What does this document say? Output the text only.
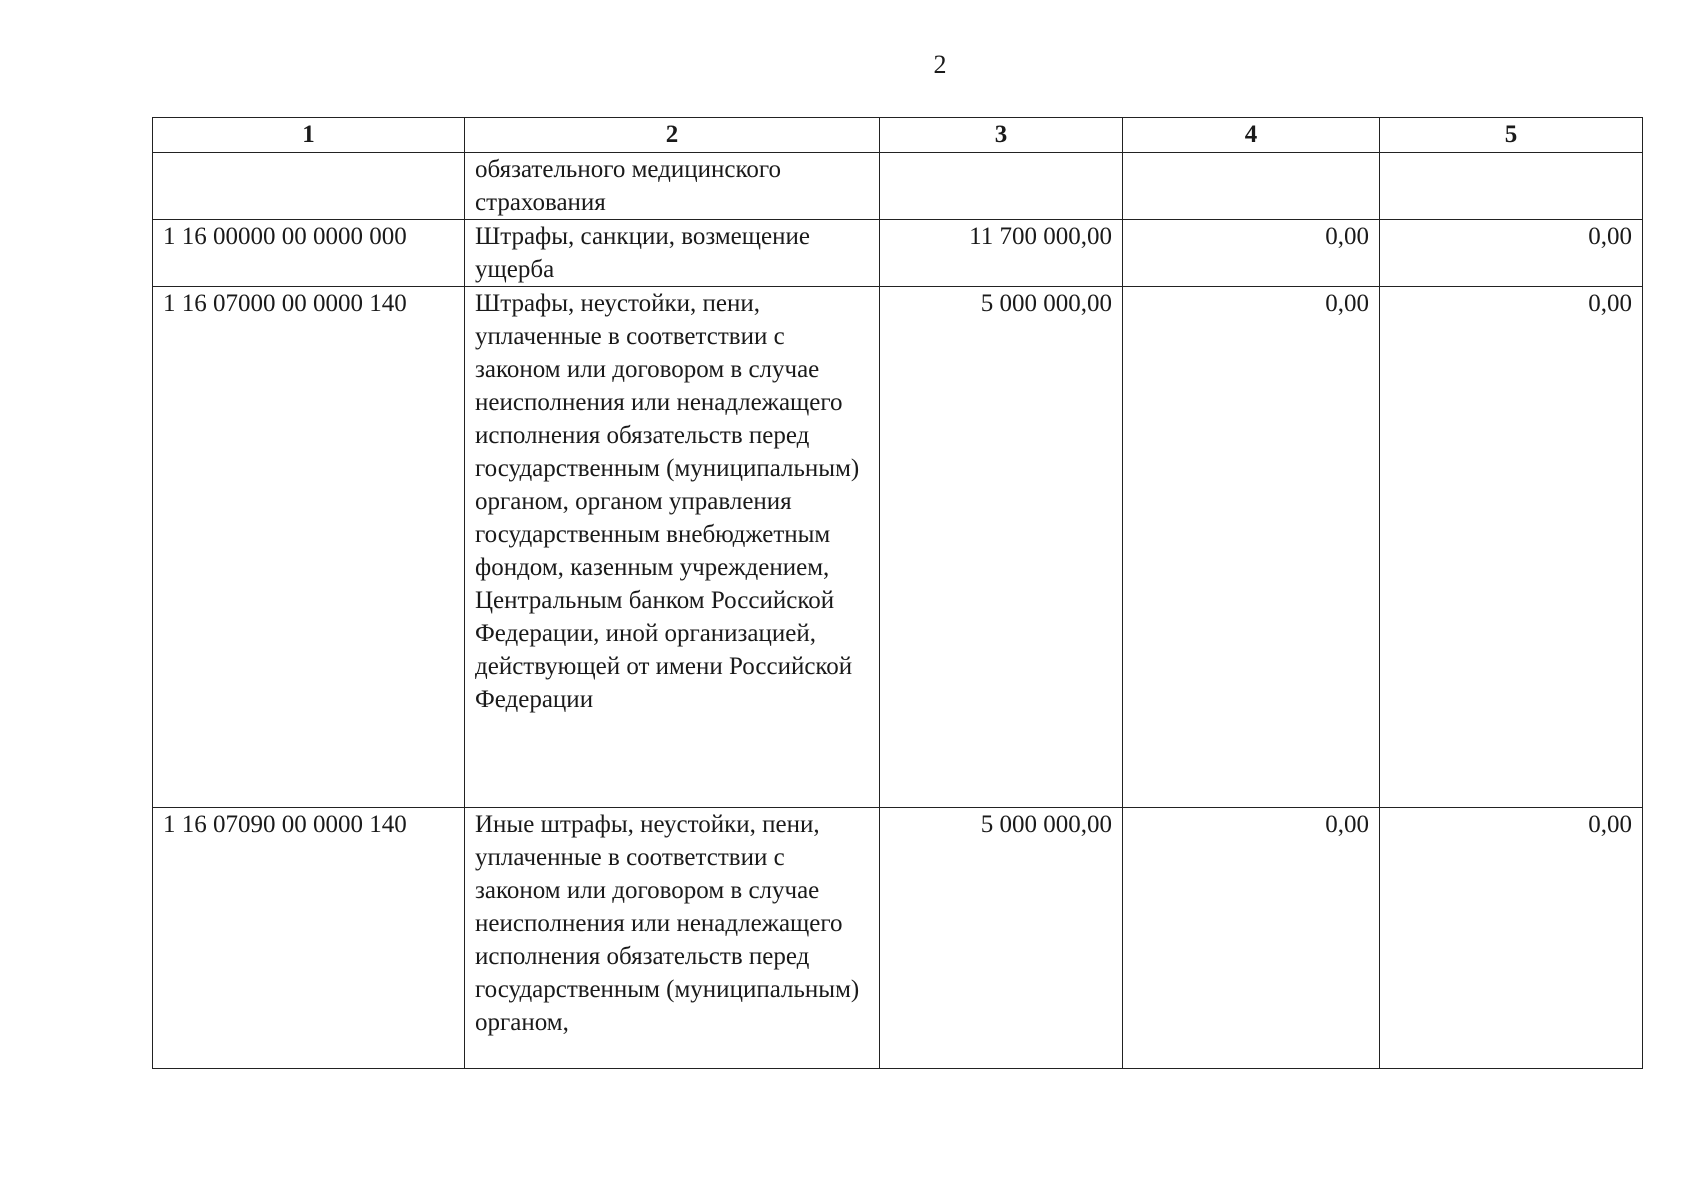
2
1	2	3	4	5
	обязательного медицинского страхования			
1 16 00000 00 0000 000	Штрафы, санкции, возмещение ущерба	11 700 000,00	0,00	0,00
1 16 07000 00 0000 140	Штрафы, неустойки, пени, уплаченные в соответствии с законом или договором в случае неисполнения или ненадлежащего исполнения обязательств перед государственным (муниципальным) органом, органом управления государственным внебюджетным фондом, казенным учреждением, Центральным банком Российской Федерации, иной организацией, действующей от имени Российской Федерации	5 000 000,00	0,00	0,00
1 16 07090 00 0000 140	Иные штрафы, неустойки, пени, уплаченные в соответствии с законом или договором в случае неисполнения или ненадлежащего исполнения обязательств перед государственным (муниципальным) органом,	5 000 000,00	0,00	0,00
